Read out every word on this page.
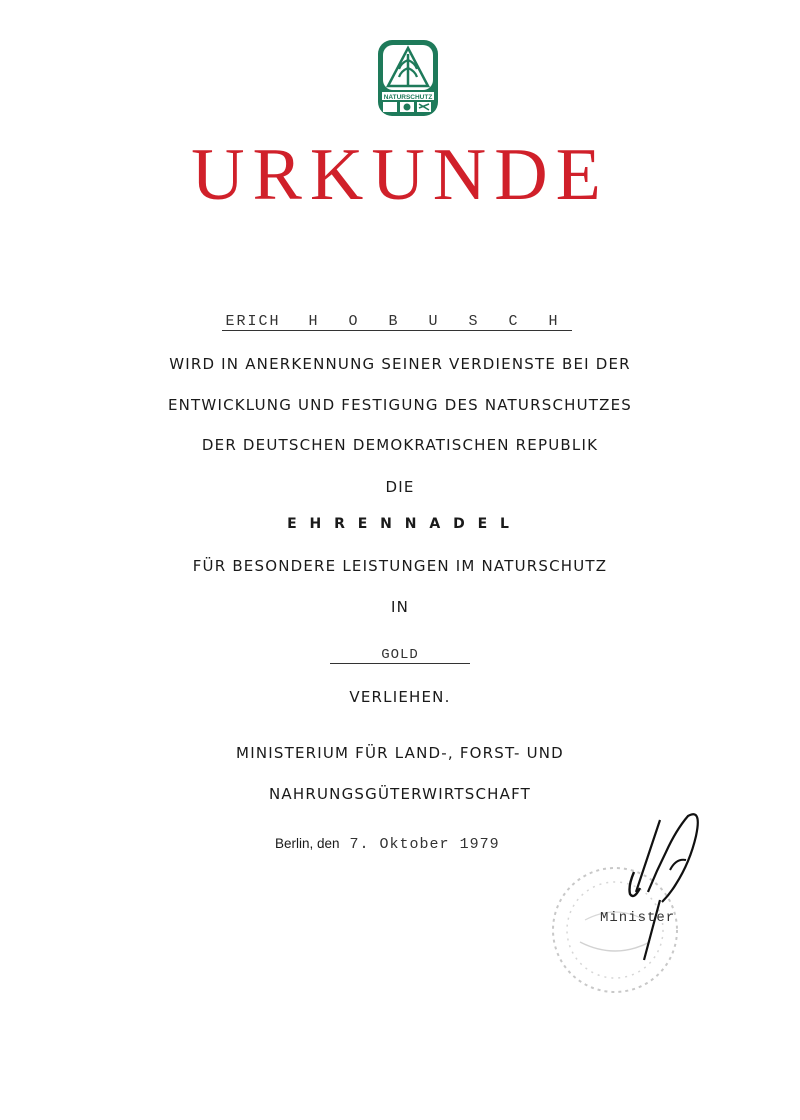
NATURSCHUTZ
URKUNDE
ERICH H O B U S C H
WIRD IN ANERKENNUNG SEINER VERDIENSTE BEI DER
ENTWICKLUNG UND FESTIGUNG DES NATURSCHUTZES
DER DEUTSCHEN DEMOKRATISCHEN REPUBLIK
DIE
E H R E N N A D E L
FÜR BESONDERE LEISTUNGEN IM NATURSCHUTZ
IN
GOLD
VERLIEHEN.
MINISTERIUM FÜR LAND-, FORST- UND
NAHRUNGSGÜTERWIRTSCHAFT
Berlin, den 7. Oktober 1979
Minister
